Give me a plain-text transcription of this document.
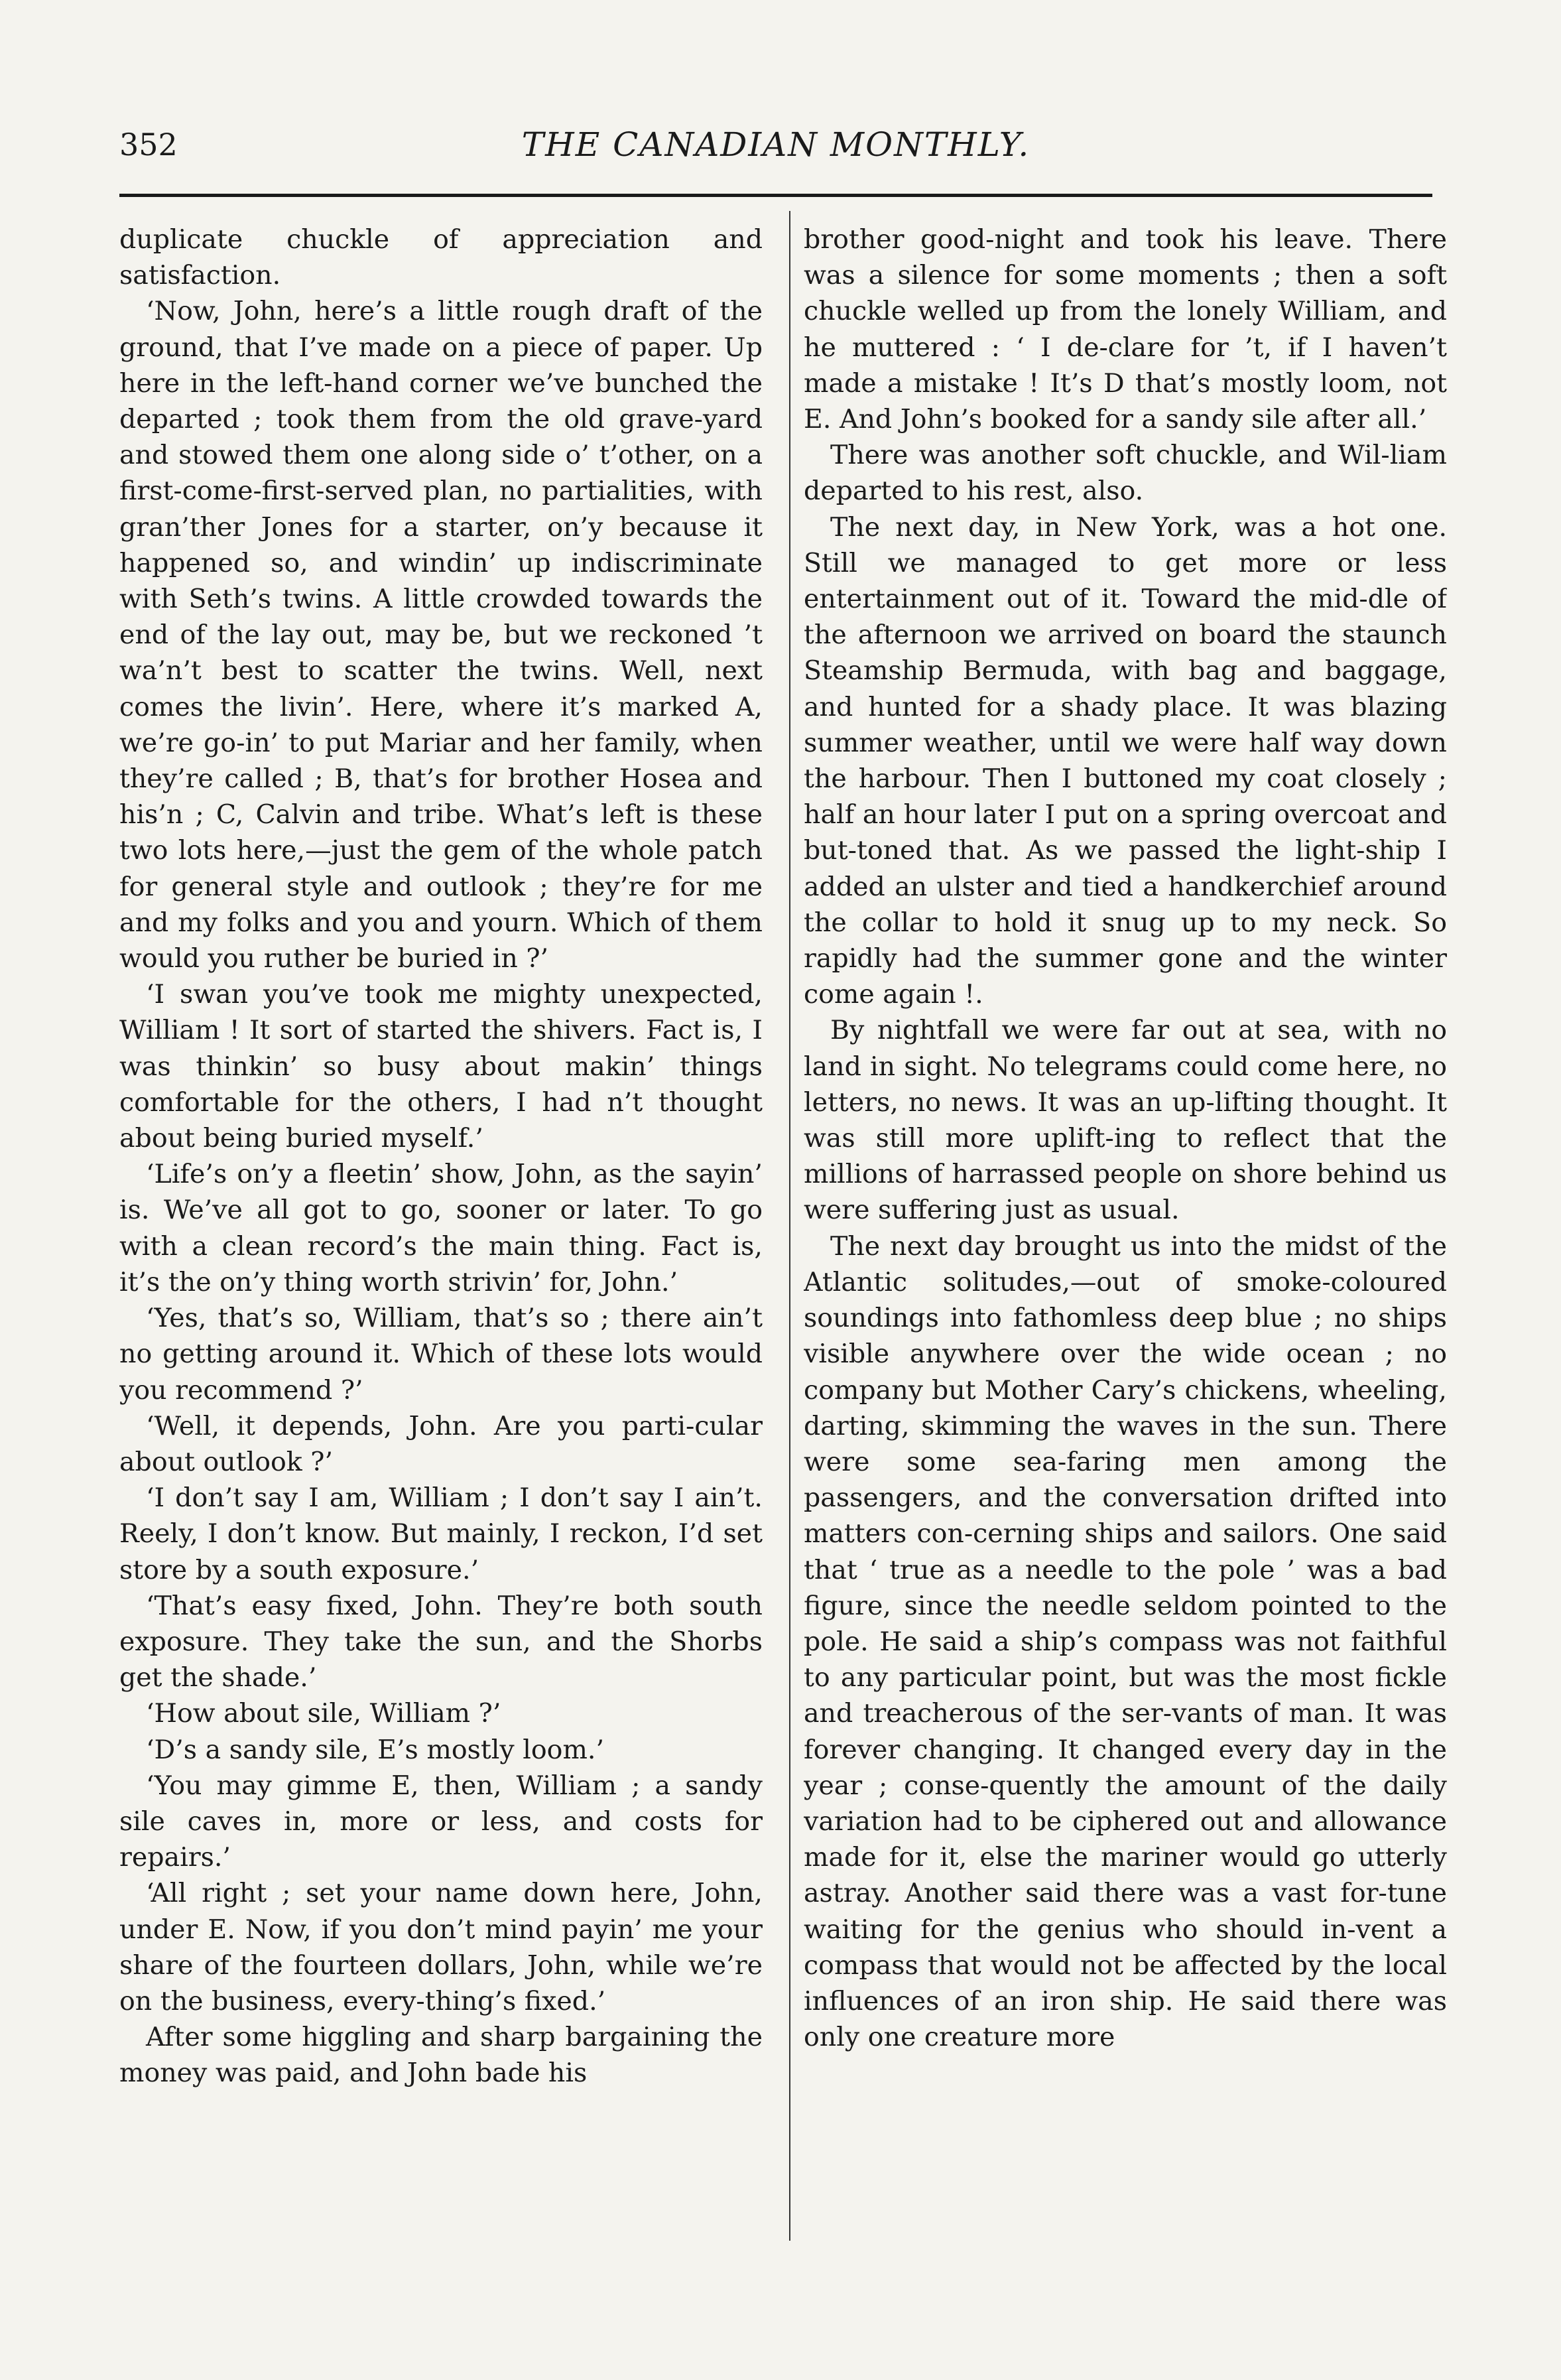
352	THE CANADIAN MONTHLY.

duplicate chuckle of appreciation and satisfaction.

‘Now, John, here’s a little rough draft of the ground, that I’ve made on a piece of paper. Up here in the left-hand corner we’ve bunched the departed ; took them from the old grave-yard and stowed them one along side o’ t’other, on a first-come-first-served plan, no partialities, with gran’ther Jones for a starter, on’y because it happened so, and windin’ up indiscriminate with Seth’s twins. A little crowded towards the end of the lay out, may be, but we reckoned ’t wa’n’t best to scatter the twins. Well, next comes the livin’. Here, where it’s marked A, we’re go-in’ to put Mariar and her family, when they’re called ; B, that’s for brother Hosea and his’n ; C, Calvin and tribe. What’s left is these two lots here,—just the gem of the whole patch for general style and outlook ; they’re for me and my folks and you and yourn. Which of them would you ruther be buried in ?’

‘I swan you’ve took me mighty unexpected, William ! It sort of started the shivers. Fact is, I was thinkin’ so busy about makin’ things comfortable for the others, I had n’t thought about being buried myself.’

‘Life’s on’y a fleetin’ show, John, as the sayin’ is. We’ve all got to go, sooner or later. To go with a clean record’s the main thing. Fact is, it’s the on’y thing worth strivin’ for, John.’

‘Yes, that’s so, William, that’s so ; there ain’t no getting around it. Which of these lots would you recommend ?’

‘Well, it depends, John. Are you parti-cular about outlook ?’

‘I don’t say I am, William ; I don’t say I ain’t. Reely, I don’t know. But mainly, I reckon, I’d set store by a south exposure.’

‘That’s easy fixed, John. They’re both south exposure. They take the sun, and the Shorbs get the shade.’

‘How about sile, William ?’

‘D’s a sandy sile, E’s mostly loom.’

‘You may gimme E, then, William ; a sandy sile caves in, more or less, and costs for repairs.’

‘All right ; set your name down here, John, under E. Now, if you don’t mind payin’ me your share of the fourteen dollars, John, while we’re on the business, every-thing’s fixed.’

After some higgling and sharp bargaining the money was paid, and John bade his

brother good-night and took his leave. There was a silence for some moments ; then a soft chuckle welled up from the lonely William, and he muttered : ‘ I de-clare for ’t, if I haven’t made a mistake ! It’s D that’s mostly loom, not E. And John’s booked for a sandy sile after all.’

There was another soft chuckle, and Wil-liam departed to his rest, also.

The next day, in New York, was a hot one. Still we managed to get more or less entertainment out of it. Toward the mid-dle of the afternoon we arrived on board the staunch Steamship Bermuda, with bag and baggage, and hunted for a shady place. It was blazing summer weather, until we were half way down the harbour. Then I buttoned my coat closely ; half an hour later I put on a spring overcoat and but-toned that. As we passed the light-ship I added an ulster and tied a handkerchief around the collar to hold it snug up to my neck. So rapidly had the summer gone and the winter come again !.

By nightfall we were far out at sea, with no land in sight. No telegrams could come here, no letters, no news. It was an up-lifting thought. It was still more uplift-ing to reflect that the millions of harrassed people on shore behind us were suffering just as usual.

The next day brought us into the midst of the Atlantic solitudes,—out of smoke-coloured soundings into fathomless deep blue ; no ships visible anywhere over the wide ocean ; no company but Mother Cary’s chickens, wheeling, darting, skimming the waves in the sun. There were some sea-faring men among the passengers, and the conversation drifted into matters con-cerning ships and sailors. One said that ‘ true as a needle to the pole ’ was a bad figure, since the needle seldom pointed to the pole. He said a ship’s compass was not faithful to any particular point, but was the most fickle and treacherous of the ser-vants of man. It was forever changing. It changed every day in the year ; conse-quently the amount of the daily variation had to be ciphered out and allowance made for it, else the mariner would go utterly astray. Another said there was a vast for-tune waiting for the genius who should in-vent a compass that would not be affected by the local influences of an iron ship. He said there was only one creature more
